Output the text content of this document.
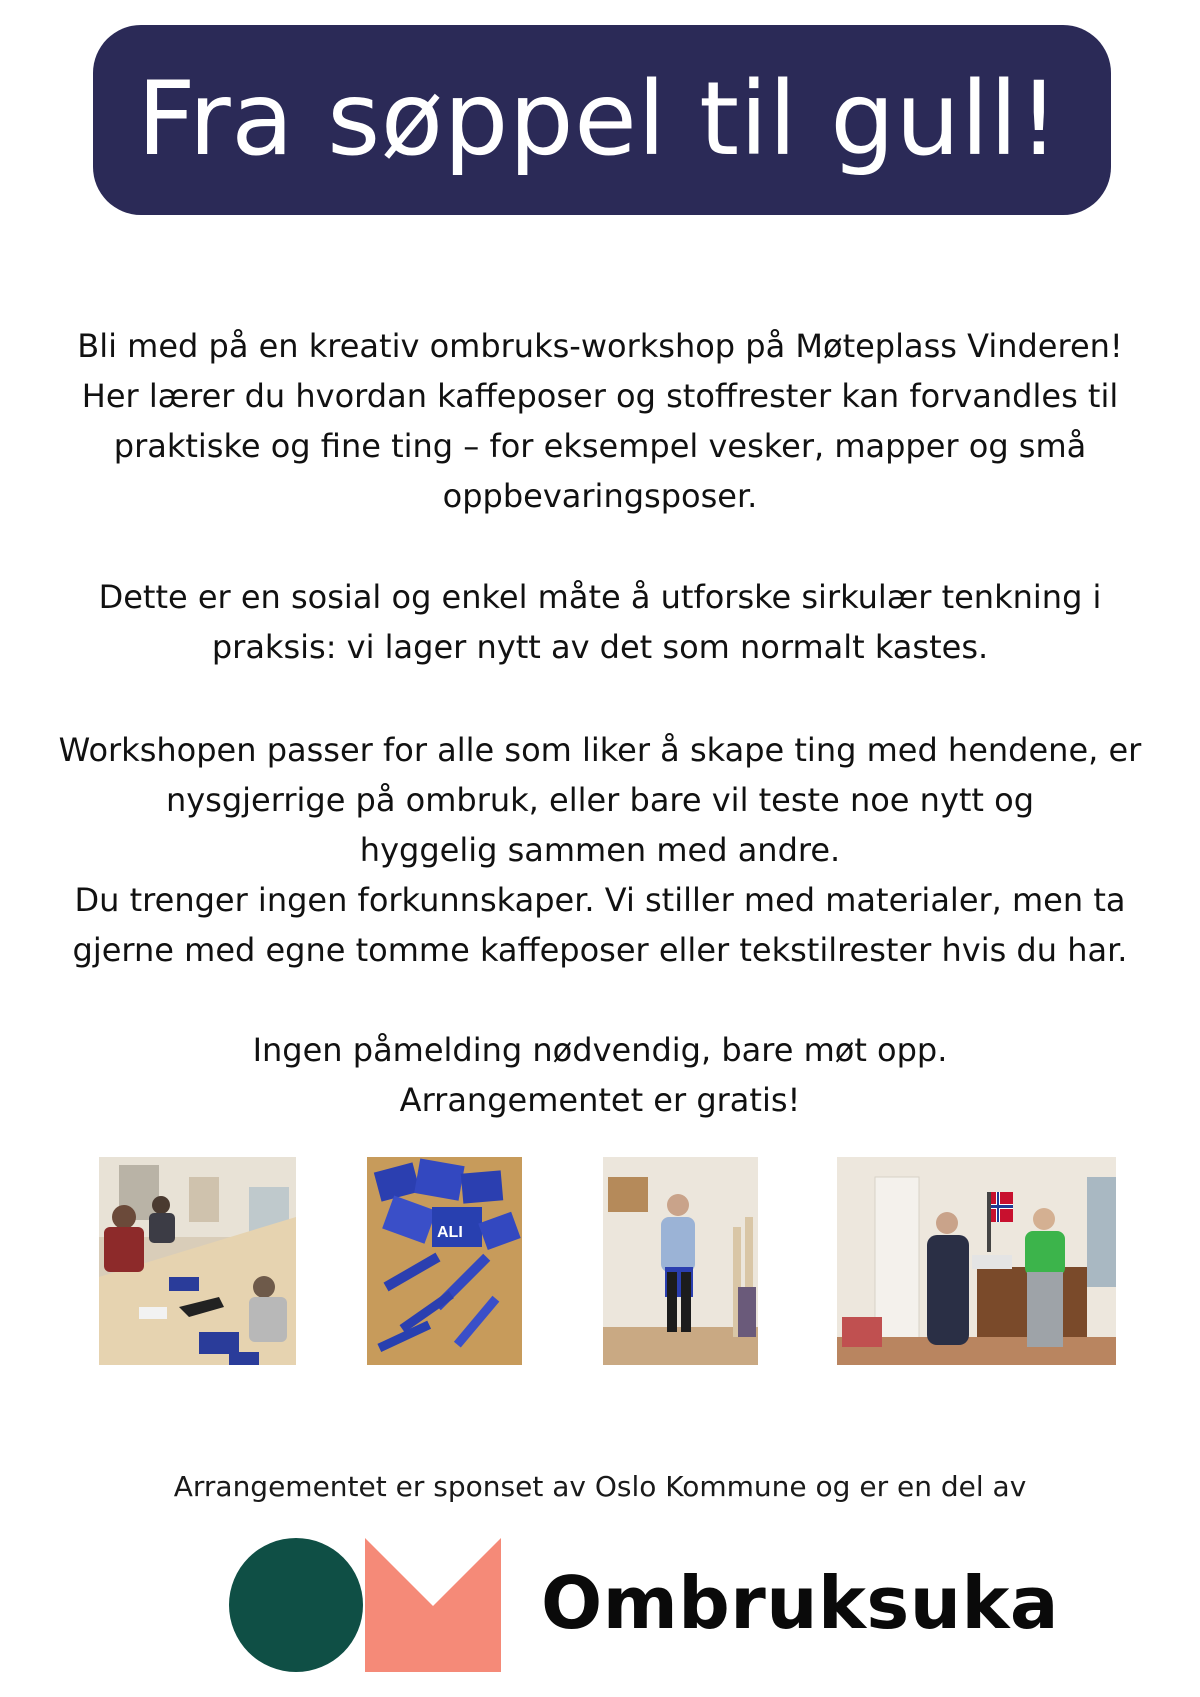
Fra søppel til gull!
Bli med på en kreativ ombruks-workshop på Møteplass Vinderen!
Her lærer du hvordan kaffeposer og stoffrester kan forvandles til
praktiske og fine ting – for eksempel vesker, mapper og små
oppbevaringsposer.
Dette er en sosial og enkel måte å utforske sirkulær tenkning i
praksis: vi lager nytt av det som normalt kastes.
Workshopen passer for alle som liker å skape ting med hendene, er
nysgjerrige på ombruk, eller bare vil teste noe nytt og
hyggelig sammen med andre.
Du trenger ingen forkunnskaper. Vi stiller med materialer, men ta
gjerne med egne tomme kaffeposer eller tekstilrester hvis du har.
Ingen påmelding nødvendig, bare møt opp.
Arrangementet er gratis!
ALI
Arrangementet er sponset av Oslo Kommune og er en del av
Ombruksuka
